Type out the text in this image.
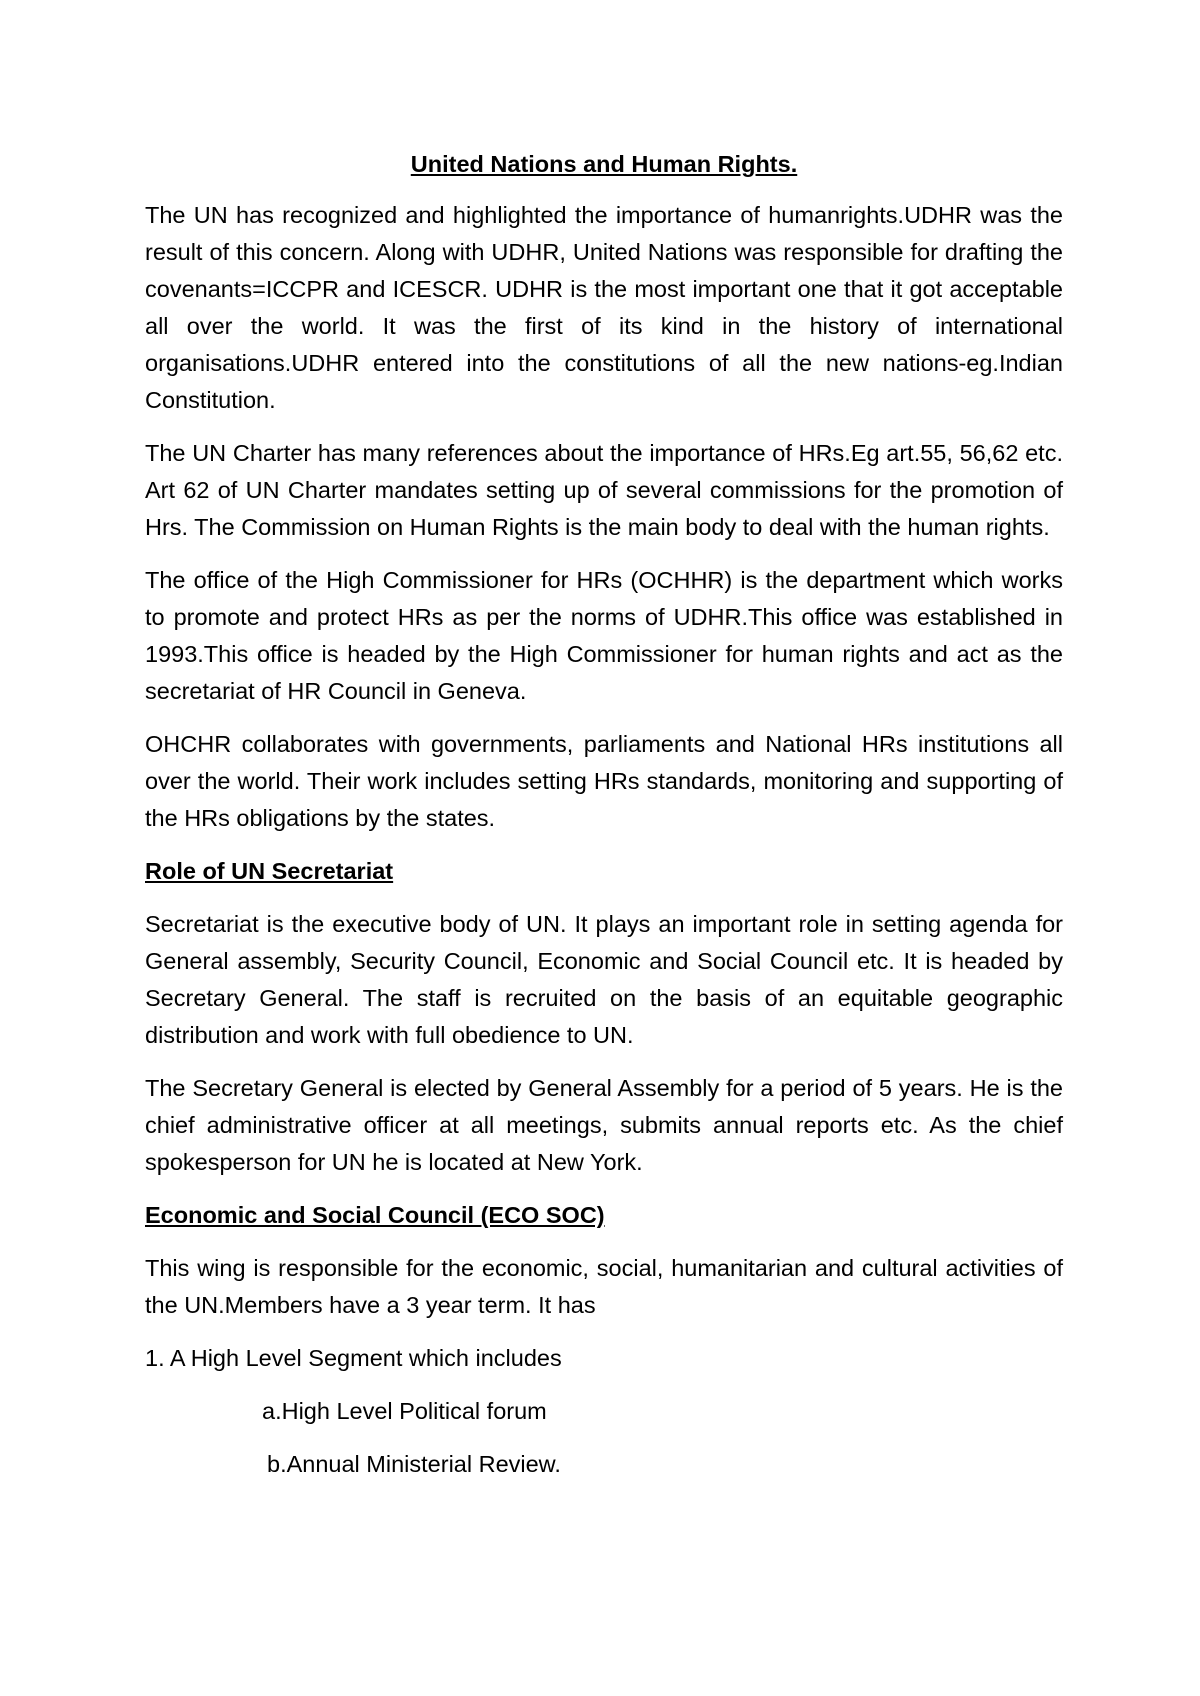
United Nations and Human Rights.

The UN has recognized and highlighted the importance of humanrights.UDHR was the result of this concern. Along with UDHR, United Nations was responsible for drafting the covenants=ICCPR and ICESCR. UDHR is the most important one that it got acceptable all over the world. It was the first of its kind in the history of international organisations.UDHR entered into the constitutions of all the new nations-eg.Indian Constitution.

The UN Charter has many references about the importance of HRs.Eg art.55, 56,62 etc. Art 62 of UN Charter mandates setting up of several commissions for the promotion of Hrs. The Commission on Human Rights is the main body to deal with the human rights.

The office of the High Commissioner for HRs (OCHHR) is the department which works to promote and protect HRs as per the norms of UDHR.This office was established in 1993.This office is headed by the High Commissioner for human rights and act as the secretariat of HR Council in Geneva.

OHCHR collaborates with governments, parliaments and National HRs institutions all over the world. Their work includes setting HRs standards, monitoring and supporting of the HRs obligations by the states.

Role of UN Secretariat

Secretariat is the executive body of UN. It plays an important role in setting agenda for General assembly, Security Council, Economic and Social Council etc. It is headed by Secretary General. The staff is recruited on the basis of an equitable geographic distribution and work with full obedience to UN.

The Secretary General is elected by General Assembly for a period of 5 years. He is the chief administrative officer at all meetings, submits annual reports etc. As the chief spokesperson for UN he is located at New York.

Economic and Social Council (ECO SOC)

This wing is responsible for the economic, social, humanitarian and cultural activities of the UN.Members have a 3 year term. It has

1. A High Level Segment which includes
a.High Level Political forum
b.Annual Ministerial Review.
